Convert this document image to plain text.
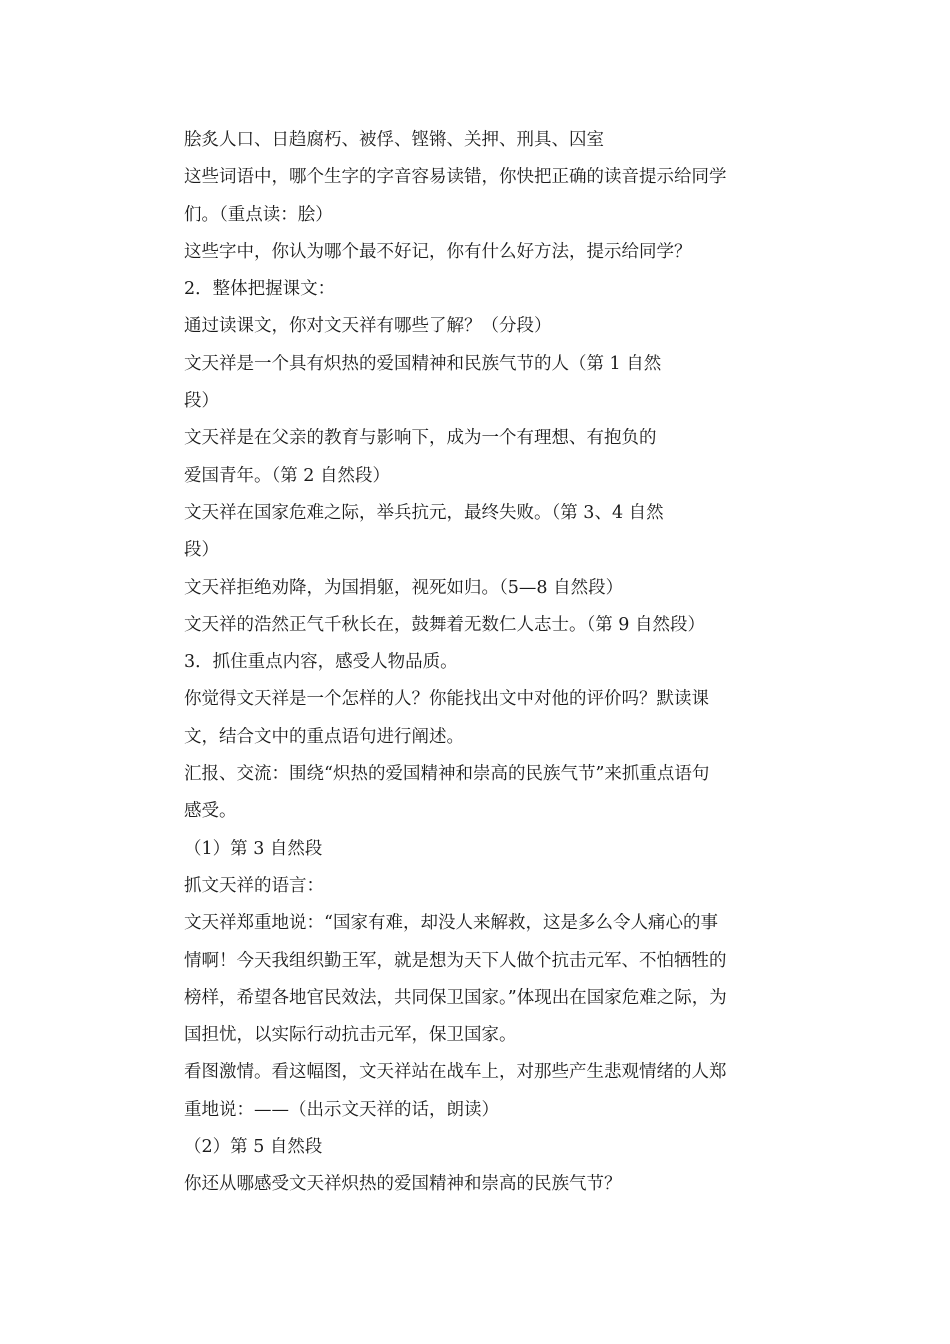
脍炙人口、日趋腐朽、被俘、铿锵、关押、刑具、囚室
这些词语中，哪个生字的字音容易读错，你快把正确的读音提示给同学
们。（重点读：脍）
这些字中，你认为哪个最不好记，你有什么好方法，提示给同学？
2．整体把握课文：
通过读课文，你对文天祥有哪些了解？（分段）
文天祥是一个具有炽热的爱国精神和民族气节的人（第 1 自然
段）
文天祥是在父亲的教育与影响下，成为一个有理想、有抱负的
爱国青年。（第 2 自然段）
文天祥在国家危难之际，举兵抗元，最终失败。（第 3、4 自然
段）
文天祥拒绝劝降，为国捐躯，视死如归。（5—8 自然段）
文天祥的浩然正气千秋长在，鼓舞着无数仁人志士。（第 9 自然段）
3．抓住重点内容，感受人物品质。
你觉得文天祥是一个怎样的人？你能找出文中对他的评价吗？默读课
文，结合文中的重点语句进行阐述。
汇报、交流：围绕“炽热的爱国精神和崇高的民族气节”来抓重点语句
感受。
（1）第 3 自然段
抓文天祥的语言：
文天祥郑重地说：“国家有难，却没人来解救，这是多么令人痛心的事
情啊！今天我组织勤王军，就是想为天下人做个抗击元军、不怕牺牲的
榜样，希望各地官民效法，共同保卫国家。”体现出在国家危难之际，为
国担忧，以实际行动抗击元军，保卫国家。
看图激情。看这幅图，文天祥站在战车上，对那些产生悲观情绪的人郑
重地说：——（出示文天祥的话，朗读）
（2）第 5 自然段
你还从哪感受文天祥炽热的爱国精神和崇高的民族气节？
